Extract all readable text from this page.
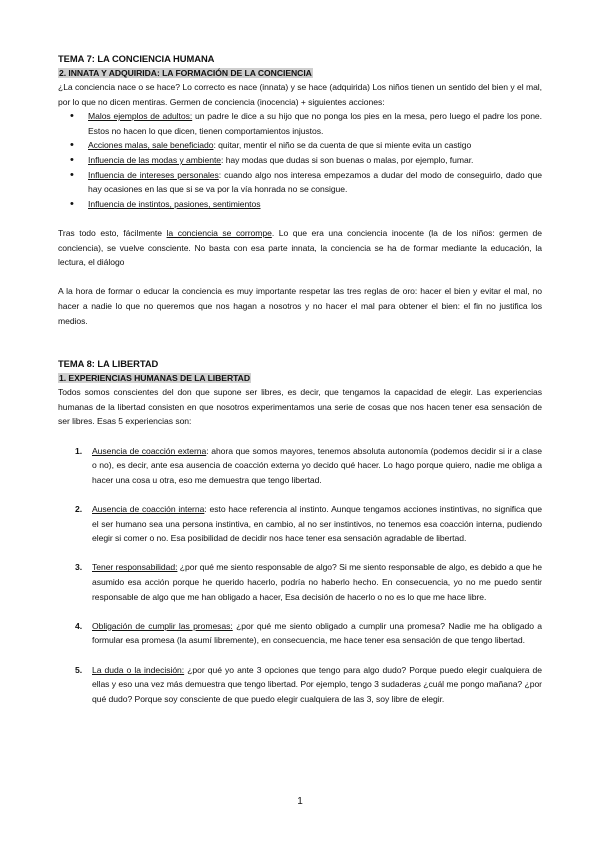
TEMA 7: LA CONCIENCIA HUMANA
2. INNATA Y ADQUIRIDA: LA FORMACIÓN DE LA CONCIENCIA

¿La conciencia nace o se hace? Lo correcto es nace (innata) y se hace (adquirida) Los niños tienen un sentido del bien y el mal, por lo que no dicen mentiras. Germen de conciencia (inocencia) + siguientes acciones:

• Malos ejemplos de adultos: un padre le dice a su hijo que no ponga los pies en la mesa, pero luego el padre los pone. Estos no hacen lo que dicen, tienen comportamientos injustos.
• Acciones malas, sale beneficiado: quitar, mentir el niño se da cuenta de que si miente evita un castigo
• Influencia de las modas y ambiente: hay modas que dudas si son buenas o malas, por ejemplo, fumar.
• Influencia de intereses personales: cuando algo nos interesa empezamos a dudar del modo de conseguirlo, dado que hay ocasiones en las que si se va por la vía honrada no se consigue.
• Influencia de instintos, pasiones, sentimientos

Tras todo esto, fácilmente la conciencia se corrompe. Lo que era una conciencia inocente (la de los niños: germen de conciencia), se vuelve consciente. No basta con esa parte innata, la conciencia se ha de formar mediante la educación, la lectura, el diálogo

A la hora de formar o educar la conciencia es muy importante respetar las tres reglas de oro: hacer el bien y evitar el mal, no hacer a nadie lo que no queremos que nos hagan a nosotros y no hacer el mal para obtener el bien: el fin no justifica los medios.

TEMA 8: LA LIBERTAD
1. EXPERIENCIAS HUMANAS DE LA LIBERTAD

Todos somos conscientes del don que supone ser libres, es decir, que tengamos la capacidad de elegir. Las experiencias humanas de la libertad consisten en que nosotros experimentamos una serie de cosas que nos hacen tener esa sensación de ser libres. Esas 5 experiencias son:

1. Ausencia de coacción externa: ahora que somos mayores, tenemos absoluta autonomía (podemos decidir si ir a clase o no), es decir, ante esa ausencia de coacción externa yo decido qué hacer. Lo hago porque quiero, nadie me obliga a hacer una cosa u otra, eso me demuestra que tengo libertad.
2. Ausencia de coacción interna: esto hace referencia al instinto. Aunque tengamos acciones instintivas, no significa que el ser humano sea una persona instintiva, en cambio, al no ser instintivos, no tenemos esa coacción interna, pudiendo elegir si comer o no. Esa posibilidad de decidir nos hace tener esa sensación agradable de libertad.
3. Tener responsabilidad: ¿por qué me siento responsable de algo? Si me siento responsable de algo, es debido a que he asumido esa acción porque he querido hacerlo, podría no haberlo hecho. En consecuencia, yo no me puedo sentir responsable de algo que me han obligado a hacer, Esa decisión de hacerlo o no es lo que me hace libre.
4. Obligación de cumplir las promesas: ¿por qué me siento obligado a cumplir una promesa? Nadie me ha obligado a formular esa promesa (la asumí libremente), en consecuencia, me hace tener esa sensación de que tengo libertad.
5. La duda o la indecisión: ¿por qué yo ante 3 opciones que tengo para algo dudo? Porque puedo elegir cualquiera de ellas y eso una vez más demuestra que tengo libertad. Por ejemplo, tengo 3 sudaderas ¿cuál me pongo mañana? ¿por qué dudo? Porque soy consciente de que puedo elegir cualquiera de las 3, soy libre de elegir.
1
